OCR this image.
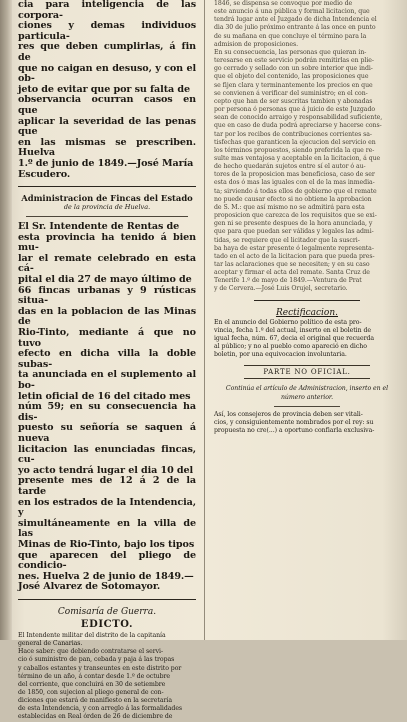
cia para inteligencia de las corpora-
ciones y demas individuos particula-
res que deben cumplirlas, á fin de
que no caigan en desuso, y con el ob-
jeto de evitar que por su falta de
observancia ocurran casos en que
aplicar la severidad de las penas que
en las mismas se prescriben. Huelva
1.º de junio de 1849.—José María
Escudero.

Administracion de Fincas del Estado
de la provincia de Huelva.

El Sr. Intendente de Rentas de
esta provincia ha tenido á bien mu-
lar el remate celebrado en esta cá-
pital el dia 27 de mayo último de
66 fincas urbanas y 9 rústicas situa-
das en la poblacion de las Minas de
Rio-Tinto, mediante á que no tuvo
efecto en dicha villa la doble subas-
ta anunciada en el suplemento al bo-
letin oficial de 16 del citado mes
núm 59; en su consecuencia ha dis-
puesto su señoría se saquen á nueva
licitacion las enunciadas fincas, cu-
yo acto tendrá lugar el dia 10 del
presente mes de 12 á 2 de la tarde
en los estrados de la Intendencia, y
simultáneamente en la villa de las
Minas de Rio-Tinto, bajo los tipos
que aparecen del pliego de condicio-
nes. Huelva 2 de junio de 1849.—
José Alvarez de Sotomayor.

Comisaría de Guerra.
EDICTO.

El Intendente militar del distrito de la capitanía
general de Canarias.
Hace saber: que debiendo contratarse el servi-
cio ó suministro de pan, cebada y paja á las tropas
y caballos estantes y transeuntes en este distrito por
término de un año, á contar desde 1.º de octubre
del corriente, que concluirá en 30 de setiembre
de 1850, con sujecion al pliego general de con-
diciones que estará de manifiesto en la secretaría
de esta Intendencia, y con arreglo á las formalidades
establecidas en Real órden de 26 de diciembre de

1846, se dispensa se convoque por medio de
este anuncio á una pública y formal licitacion, que
tendrá lugar ante el Juzgado de dicha Intendencia el
dia 30 de julio próximo entrante á las once en punto
de su mañana en que concluye el término para la
admision de proposiciones.
En su consecuencia, las personas que quieran in-
teresarse en este servicio podrán remitirlas en plie-
go cerrado y sellado con un sobre interior que indi-
que el objeto del contenido, las proposiciones que
se fijen clara y terminantemente los precios en que
se convienen á verificar del suministro; en el con-
cepto que han de ser suscritas tambien y abonadas
por persona ó personas que á juicio de este Juzgado
sean de conocido arraigo y responsabilidad suficiente,
que en caso de duda podrá apreciarse y hacerse cons-
tar por los recibos de contribuciones corrientes sa-
tisfechas que garanticen la ejecucion del servicio en
los términos propuestos, siendo preferida la que re-
sulte mas ventajosa y aceptable en la licitacion, á que
de hecho quedarán sujetos entre sí el autor ó au-
tores de la proposicion mas beneficiosa, caso de ser
esta dos ó mas las iguales con el de la mas inmedia-
ta; sirviendo á todas ellos de gobierno que el remate
no puede causar efecto si no obtiene la aprobacion
de S. M.: que así mismo no se admitirá para esta
proposicion que carezca de los requisitos que se exi-
gen ni se presente despues de la hora anunciada, y
que para que puedan ser válidas y legales las admi-
tidas, se requiere que el licitador que la suscri-
ba haya de estar presente ó legalmente representa-
tado en el acto de la licitacion para que pueda pres-
tar las aclaraciones que se necesiten; y en su caso
aceptar y firmar el acta del remate. Santa Cruz de
Tenerife 1.º de mayo de 1849.—Ventura de Prat
y de Cervera.—José Luis Orujel, secretario.

Rectificacion.

En el anuncio del Gobierno político de esta pro-
vincia, fecha 1.º del actual, inserto en el boletin de
igual fecha, núm. 67, decia el original que recuerda
al público; y no al pueblo como apareció en dicho
boletin, por una equivocacion involuntaria.

PARTE NO OFICIAL.

Continúa el artículo de Administracion, inserto en el
número anterior.

Así, los consejeros de provincia deben ser vitali-
cios, y consiguientemente nombrados por el rey: su
propuesta no cre(...) a oportuno confiarla exclusiva-
